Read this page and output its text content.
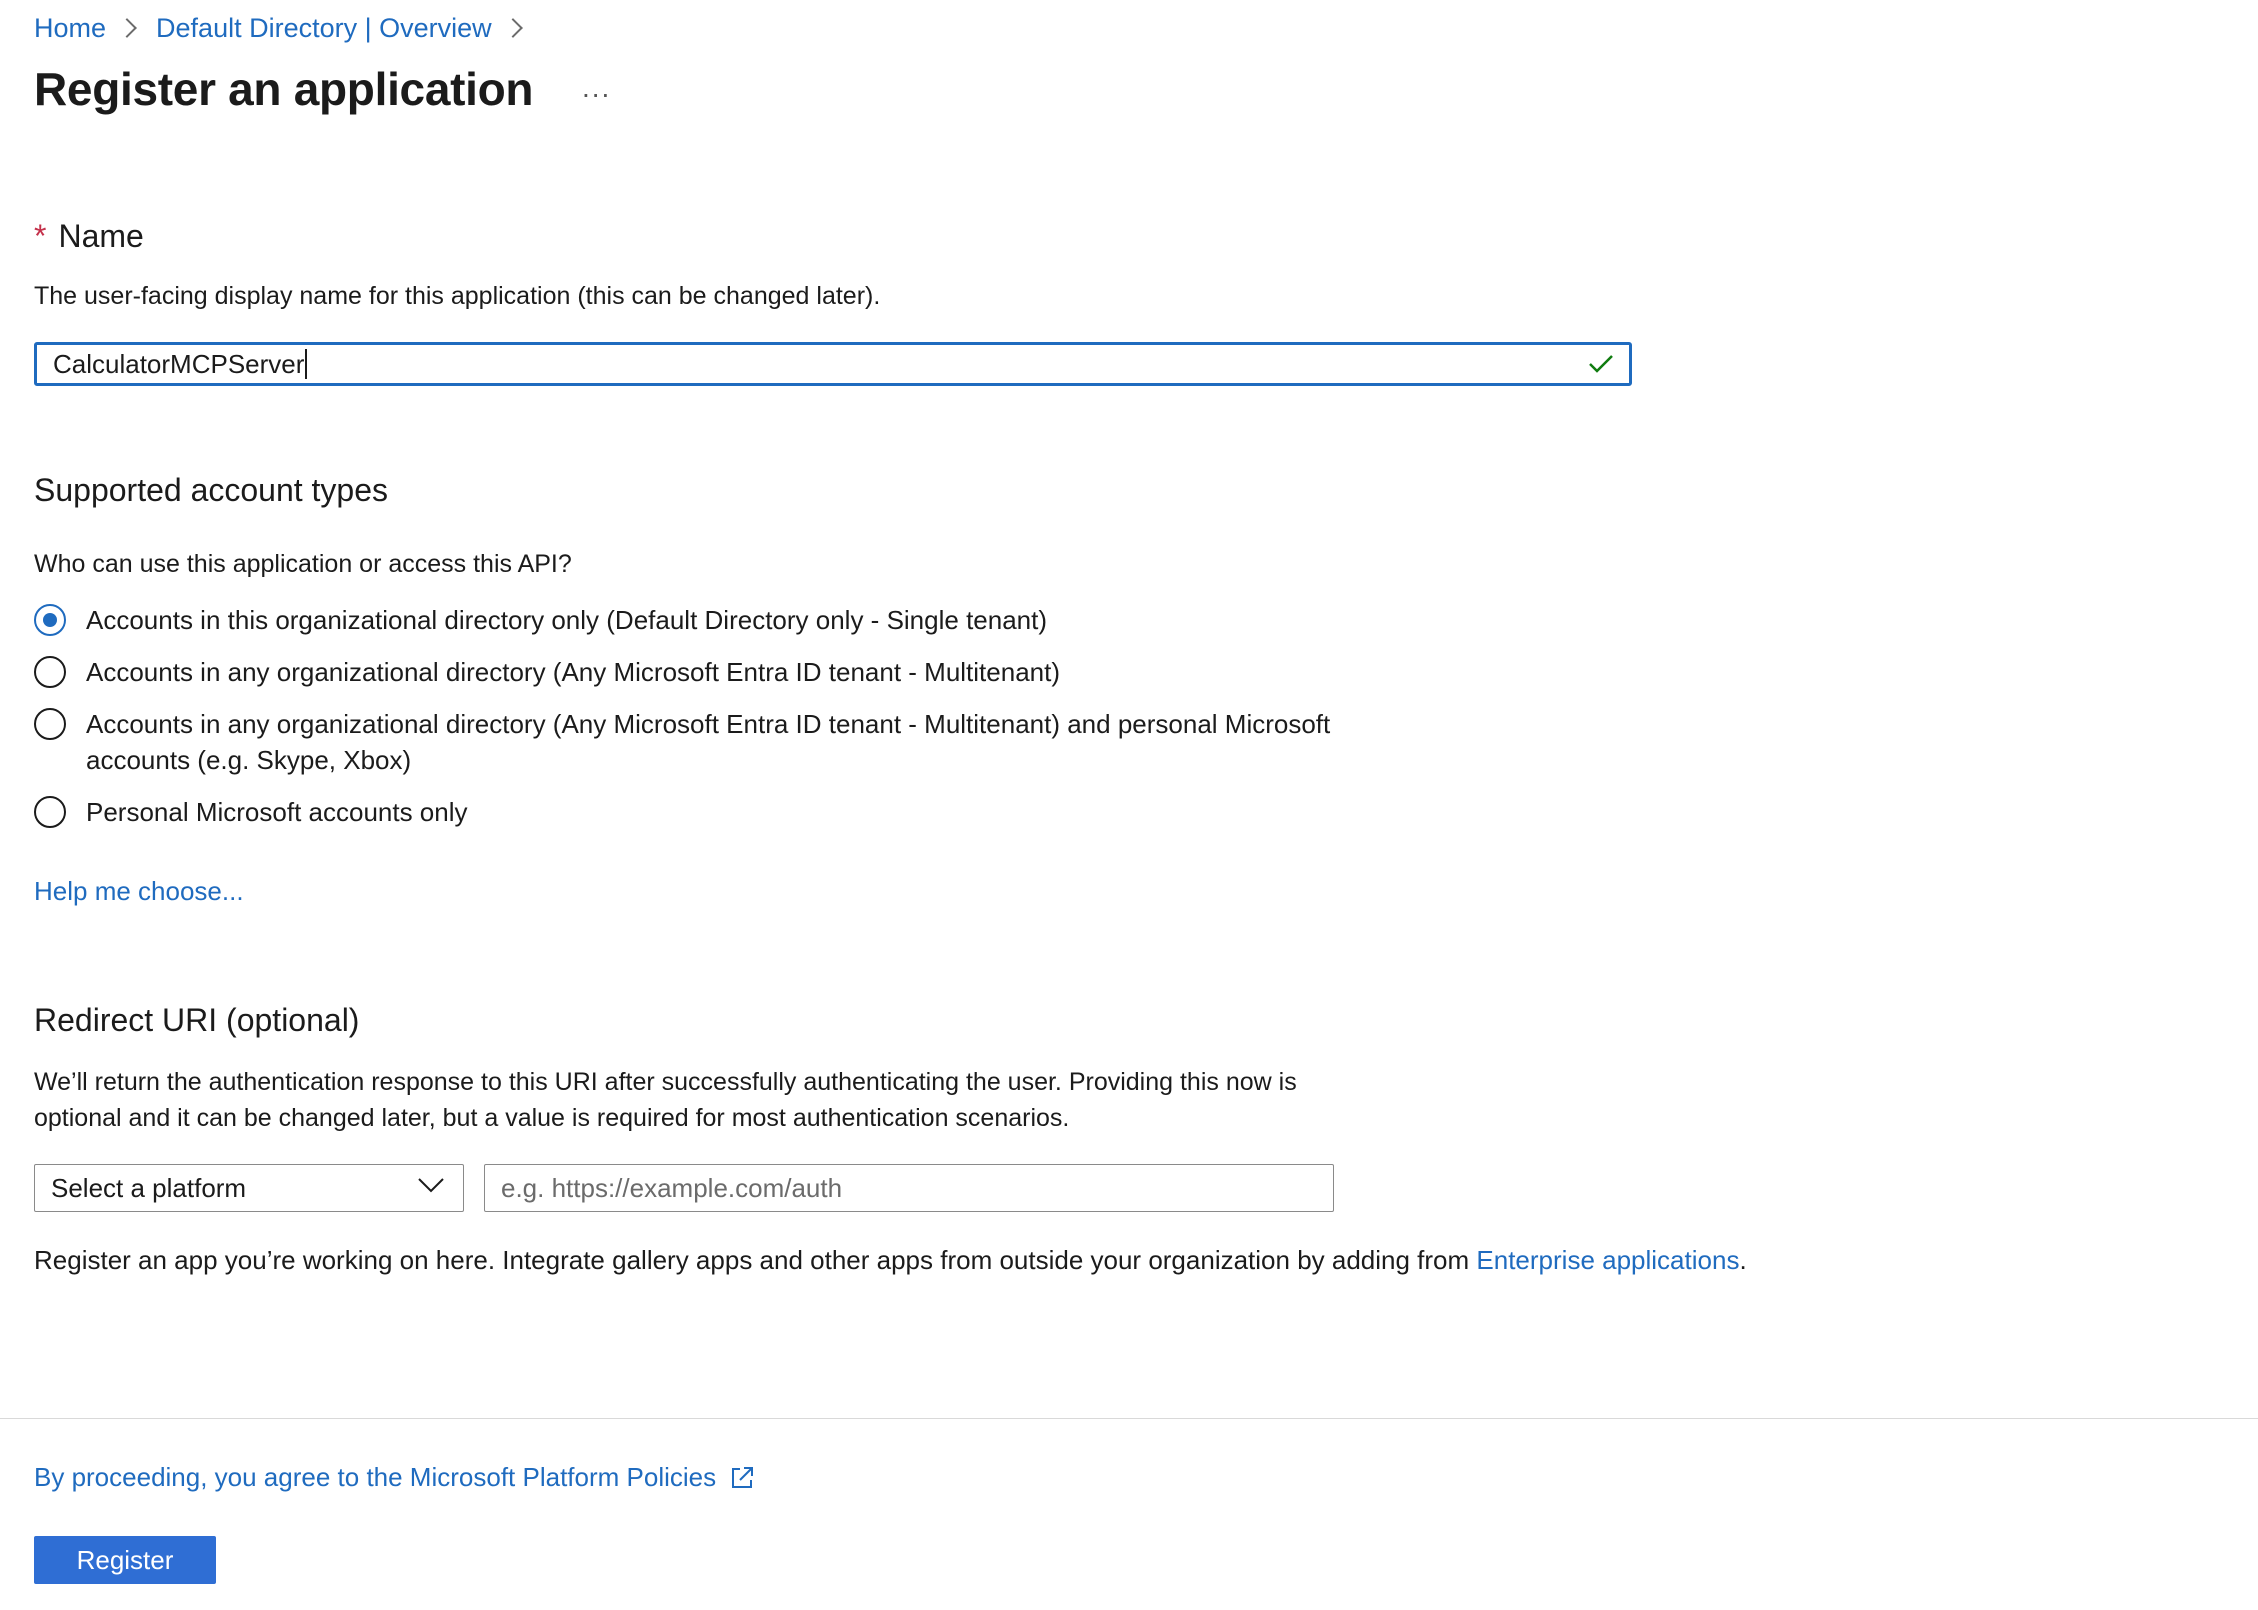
Home Default Directory | Overview
Register an application ...
* Name
The user-facing display name for this application (this can be changed later).
CalculatorMCPServer
Supported account types
Who can use this application or access this API?
Accounts in this organizational directory only (Default Directory only - Single tenant)
Accounts in any organizational directory (Any Microsoft Entra ID tenant - Multitenant)
Accounts in any organizational directory (Any Microsoft Entra ID tenant - Multitenant) and personal Microsoft
accounts (e.g. Skype, Xbox)
Personal Microsoft accounts only
Help me choose...
Redirect URI (optional)
We’ll return the authentication response to this URI after successfully authenticating the user. Providing this now is
optional and it can be changed later, but a value is required for most authentication scenarios.
Select a platform	e.g. https://example.com/auth
Register an app you’re working on here. Integrate gallery apps and other apps from outside your organization by adding from Enterprise applications.
By proceeding, you agree to the Microsoft Platform Policies
Register
